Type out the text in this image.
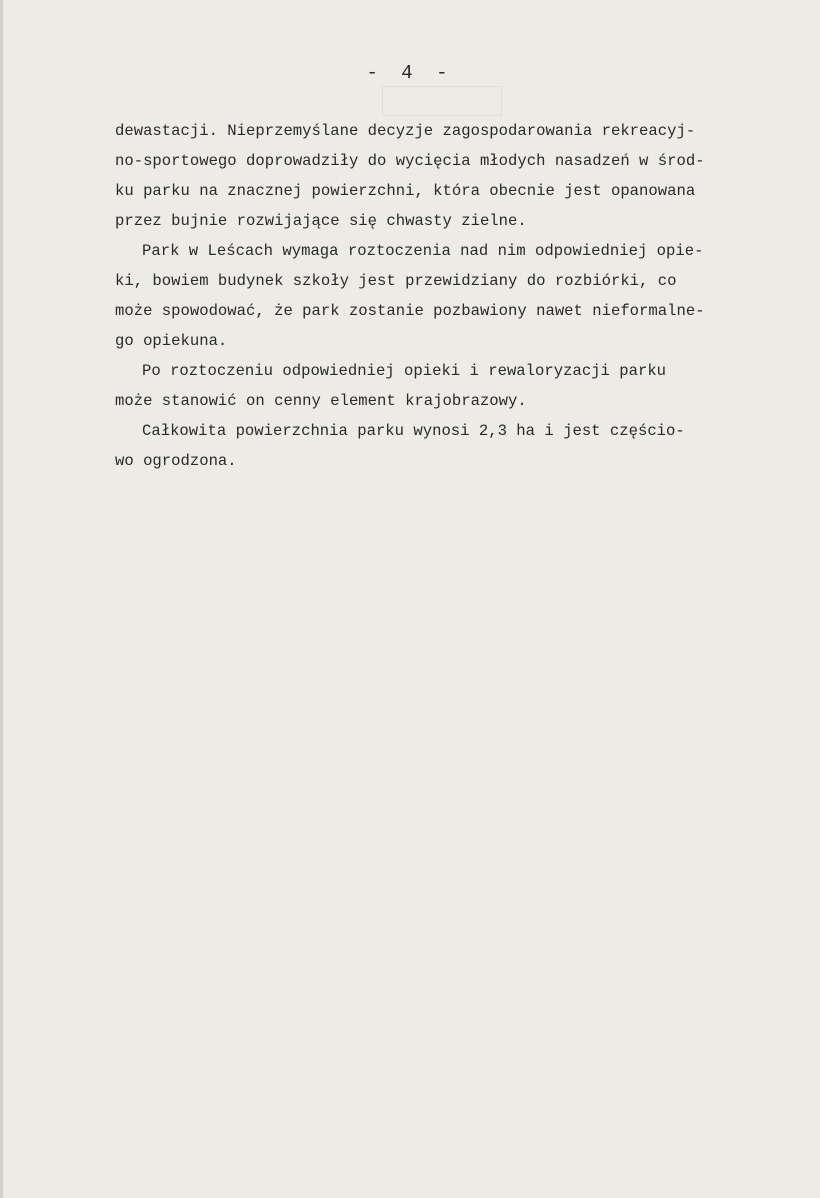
- 4 -
dewastacji. Nieprzemyślane decyzje zagospodarowania rekreacyj-
no-sportowego doprowadziły do wycięcia młodych nasadzeń w środ-
ku parku na znacznej powierzchni, która obecnie jest opanowana
przez bujnie rozwijające się chwasty zielne.
Park w Leścach wymaga roztoczenia nad nim odpowiedniej opie-
ki, bowiem budynek szkoły jest przewidziany do rozbiórki, co
może spowodować, że park zostanie pozbawiony nawet nieformalne-
go opiekuna.
Po roztoczeniu odpowiedniej opieki i rewaloryzacji parku
może stanowić on cenny element krajobrazowy.
Całkowita powierzchnia parku wynosi 2,3 ha i jest częścio-
wo ogrodzona.
